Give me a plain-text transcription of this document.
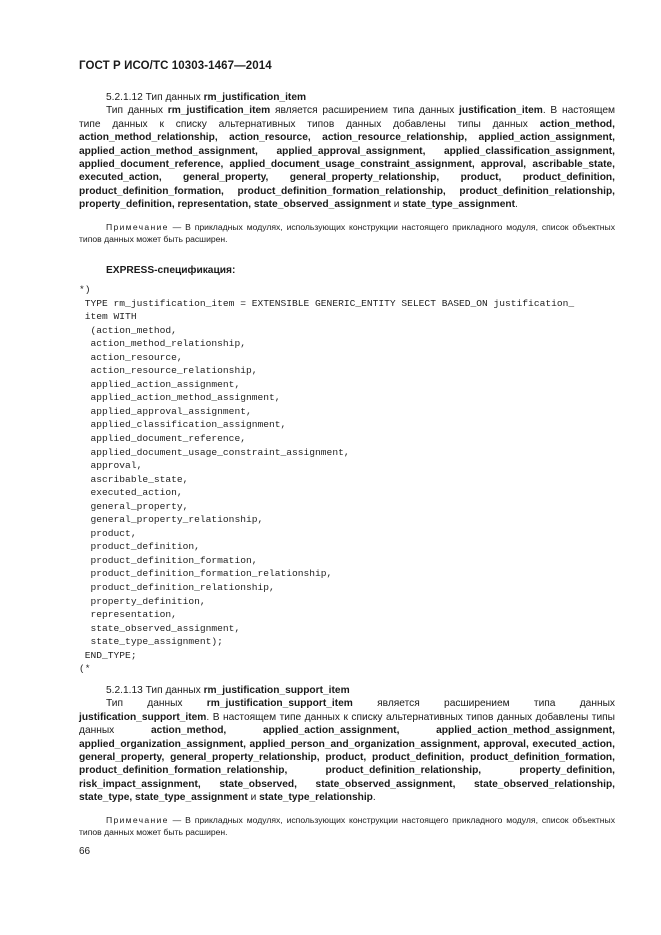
ГОСТ Р ИСО/ТС 10303-1467—2014
5.2.1.12 Тип данных rm_justification_item

Тип данных rm_justification_item является расширением типа данных justification_item. В настоящем типе данных к списку альтернативных типов данных добавлены типы данных action_method, action_method_relationship, action_resource, action_resource_relationship, applied_action_assignment, applied_action_method_assignment, applied_approval_assignment, applied_classification_assignment, applied_document_reference, applied_document_usage_constraint_assignment, approval, ascribable_state, executed_action, general_property, general_property_relationship, product, product_definition, product_definition_formation, product_definition_formation_relationship, product_definition_relationship, property_definition, representation, state_observed_assignment и state_type_assignment.

Примечание — В прикладных модулях, использующих конструкции настоящего прикладного модуля, список объектных типов данных может быть расширен.

EXPRESS-спецификация:
*)
TYPE rm_justification_item = EXTENSIBLE GENERIC_ENTITY SELECT BASED_ON justification_
item WITH
(action_method,
action_method_relationship,
action_resource,
action_resource_relationship,
applied_action_assignment,
applied_action_method_assignment,
applied_approval_assignment,
applied_classification_assignment,
applied_document_reference,
applied_document_usage_constraint_assignment,
approval,
ascribable_state,
executed_action,
general_property,
general_property_relationship,
product,
product_definition,
product_definition_formation,
product_definition_formation_relationship,
product_definition_relationship,
property_definition,
representation,
state_observed_assignment,
state_type_assignment);
END_TYPE;
(*
5.2.1.13 Тип данных rm_justification_support_item

Тип данных rm_justification_support_item является расширением типа данных justification_support_item. В настоящем типе данных к списку альтернативных типов данных добавлены типы данных action_method, applied_action_assignment, applied_action_method_assignment, applied_organization_assignment, applied_person_and_organization_assignment, approval, executed_action, general_property, general_property_relationship, product, product_definition, product_definition_formation, product_definition_formation_relationship, product_definition_relationship, property_definition, risk_impact_assignment, state_observed, state_observed_assignment, state_observed_relationship, state_type, state_type_assignment и state_type_relationship.

Примечание — В прикладных модулях, использующих конструкции настоящего прикладного модуля, список объектных типов данных может быть расширен.

66
